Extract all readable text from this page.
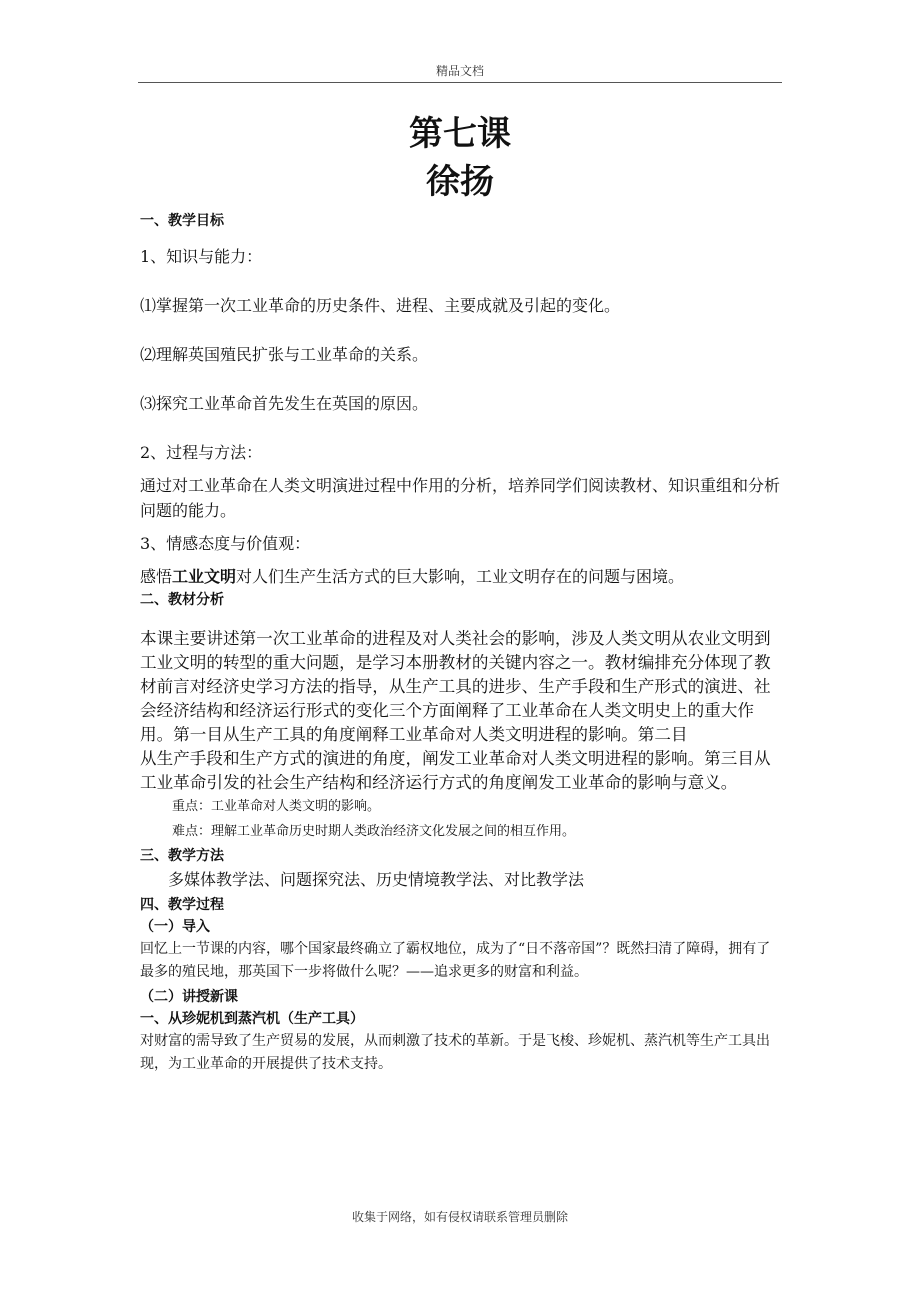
精品文档
第七课
徐扬
一、教学目标
1、知识与能力：
⑴掌握第一次工业革命的历史条件、进程、主要成就及引起的变化。
⑵理解英国殖民扩张与工业革命的关系。
⑶探究工业革命首先发生在英国的原因。
2、过程与方法：
通过对工业革命在人类文明演进过程中作用的分析，培养同学们阅读教材、知识重组和分析问题的能力。
3、情感态度与价值观：
感悟工业文明对人们生产生活方式的巨大影响，工业文明存在的问题与困境。
二、教材分析
本课主要讲述第一次工业革命的进程及对人类社会的影响，涉及人类文明从农业文明到工业文明的转型的重大问题，是学习本册教材的关键内容之一。教材编排充分体现了教材前言对经济史学习方法的指导，从生产工具的进步、生产手段和生产形式的演进、社会经济结构和经济运行形式的变化三个方面阐释了工业革命在人类文明史上的重大作用。第一目从生产工具的角度阐释工业革命对人类文明进程的影响。第二目
从生产手段和生产方式的演进的角度，阐发工业革命对人类文明进程的影响。第三目从工业革命引发的社会生产结构和经济运行方式的角度阐发工业革命的影响与意义。
重点：工业革命对人类文明的影响。
难点：理解工业革命历史时期人类政治经济文化发展之间的相互作用。
三、教学方法
多媒体教学法、问题探究法、历史情境教学法、对比教学法
四、教学过程
（一）导入
回忆上一节课的内容，哪个国家最终确立了霸权地位，成为了“日不落帝国”？既然扫清了障碍，拥有了最多的殖民地，那英国下一步将做什么呢？——追求更多的财富和利益。
（二）讲授新课
一、从珍妮机到蒸汽机（生产工具）
对财富的需导致了生产贸易的发展，从而刺激了技术的革新。于是飞梭、珍妮机、蒸汽机等生产工具出现，为工业革命的开展提供了技术支持。
收集于网络，如有侵权请联系管理员删除
